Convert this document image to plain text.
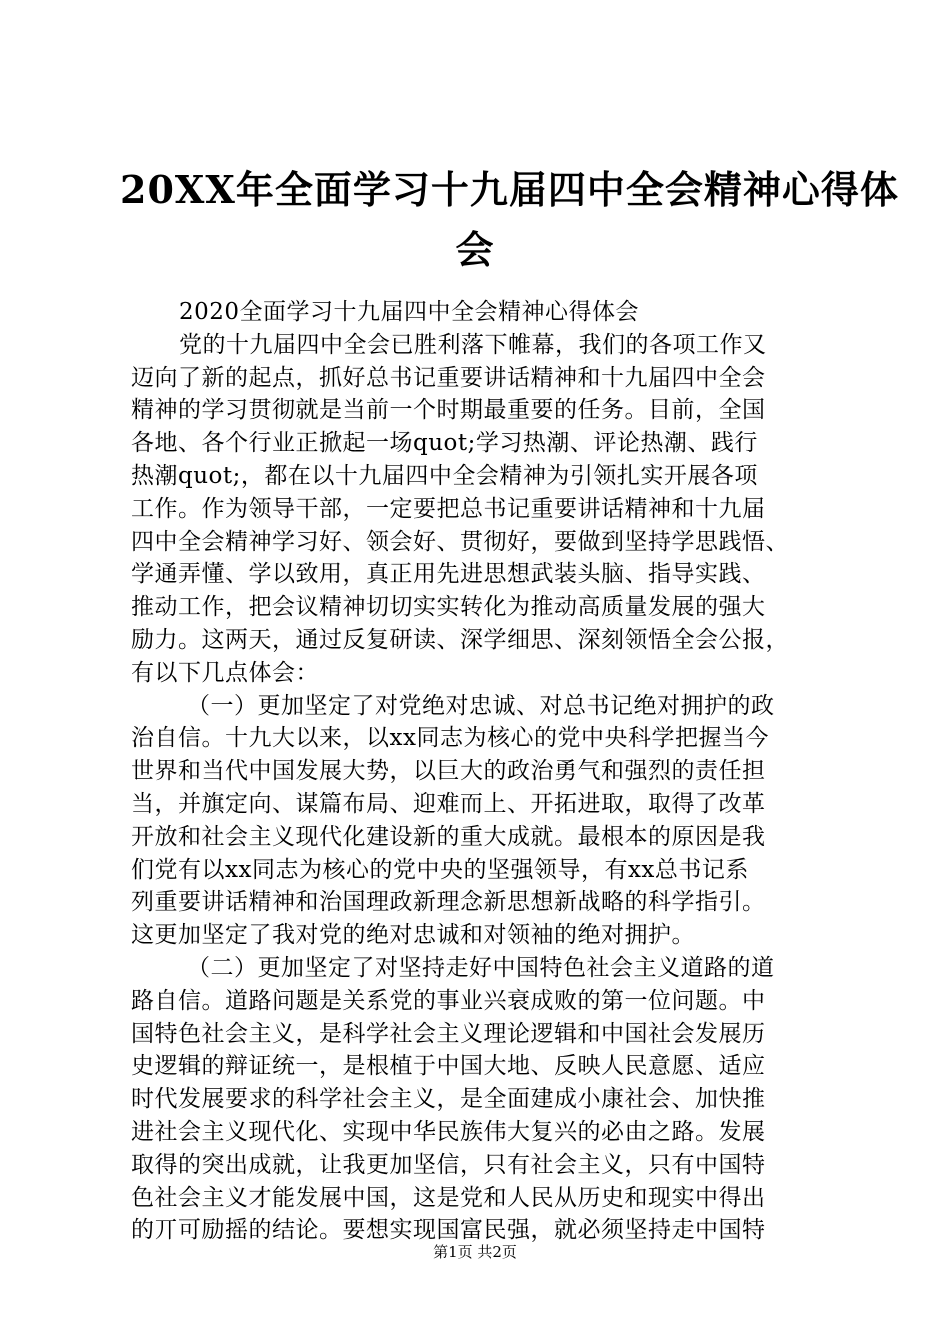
20XX年全面学习十九届四中全会精神心得体
会
2020全面学习十九届四中全会精神心得体会
党的十九届四中全会已胜利落下帷幕，我们的各项工作又
迈向了新的起点，抓好总书记重要讲话精神和十九届四中全会
精神的学习贯彻就是当前一个时期最重要的任务。目前，全国
各地、各个行业正掀起一场quot;学习热潮、评论热潮、践行
热潮quot;，都在以十九届四中全会精神为引领扎实开展各项
工作。作为领导干部，一定要把总书记重要讲话精神和十九届
四中全会精神学习好、领会好、贯彻好，要做到坚持学思践悟、
学通弄懂、学以致用，真正用先进思想武装头脑、指导实践、
推动工作，把会议精神切切实实转化为推动高质量发展的强大
励力。这两天，通过反复研读、深学细思、深刻领悟全会公报，
有以下几点体会：
（一）更加坚定了对党绝对忠诚、对总书记绝对拥护的政
治自信。十九大以来，以xx同志为核心的党中央科学把握当今
世界和当代中国发展大势，以巨大的政治勇气和强烈的责任担
当，并旗定向、谋篇布局、迎难而上、开拓进取，取得了改革
开放和社会主义现代化建设新的重大成就。最根本的原因是我
们党有以xx同志为核心的党中央的坚强领导，有xx总书记系
列重要讲话精神和治国理政新理念新思想新战略的科学指引。
这更加坚定了我对党的绝对忠诚和对领袖的绝对拥护。
（二）更加坚定了对坚持走好中国特色社会主义道路的道
路自信。道路问题是关系党的事业兴衰成败的第一位问题。中
国特色社会主义，是科学社会主义理论逻辑和中国社会发展历
史逻辑的辩证统一，是根植于中国大地、反映人民意愿、适应
时代发展要求的科学社会主义，是全面建成小康社会、加快推
进社会主义现代化、实现中华民族伟大复兴的必由之路。发展
取得的突出成就，让我更加坚信，只有社会主义，只有中国特
色社会主义才能发展中国，这是党和人民从历史和现实中得出
的丌可励摇的结论。要想实现国富民强，就必须坚持走中国特
第1页 共2页
